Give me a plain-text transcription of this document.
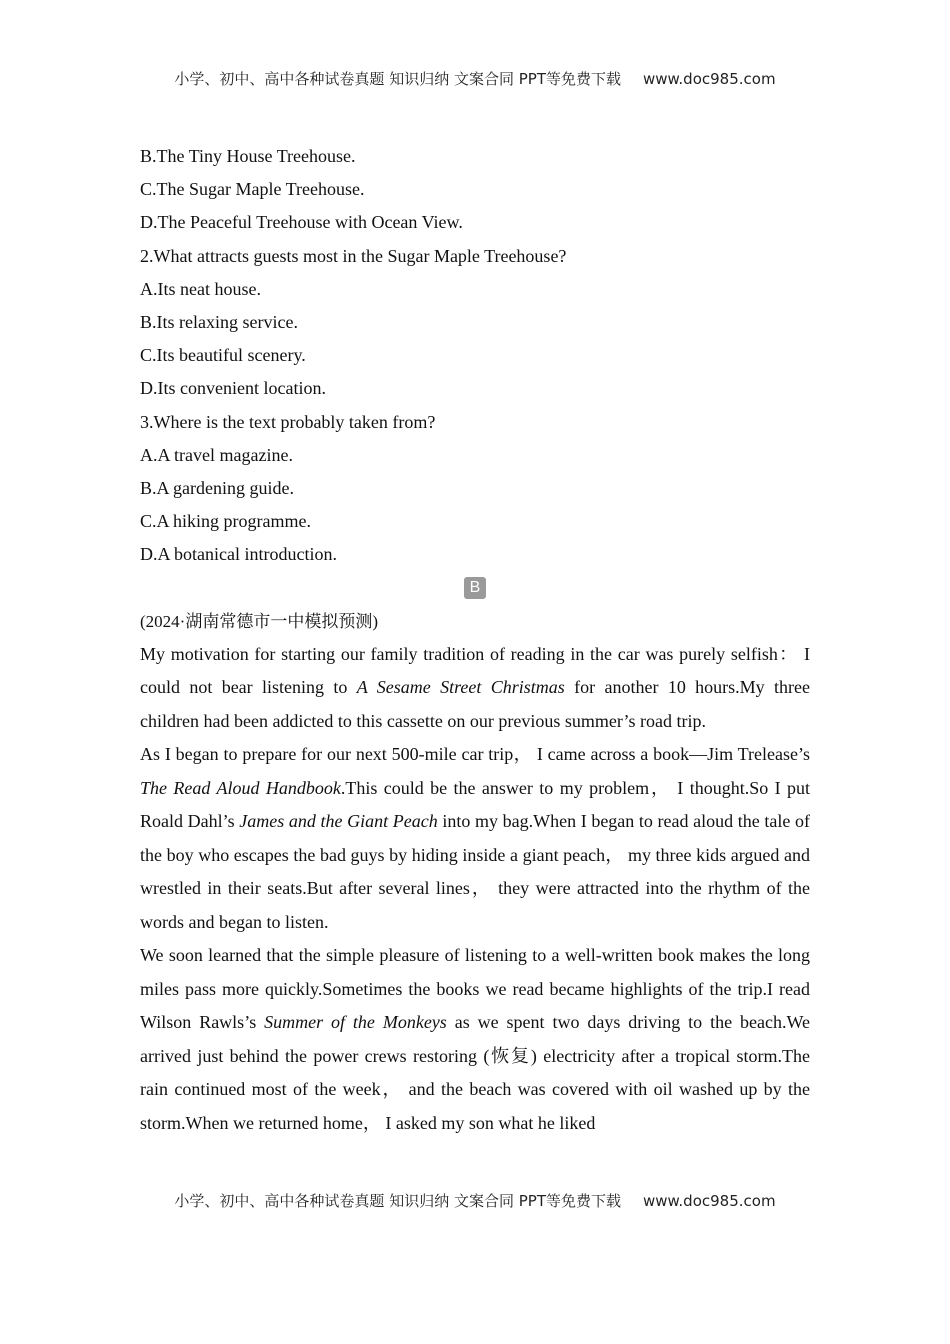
小学、初中、高中各种试卷真题 知识归纳 文案合同 PPT等免费下载 www.doc985.com
B.The Tiny House Treehouse.
C.The Sugar Maple Treehouse.
D.The Peaceful Treehouse with Ocean View.
2.What attracts guests most in the Sugar Maple Treehouse?
A.Its neat house.
B.Its relaxing service.
C.Its beautiful scenery.
D.Its convenient location.
3.Where is the text probably taken from?
A.A travel magazine.
B.A gardening guide.
C.A hiking programme.
D.A botanical introduction.
B
(2024·湖南常德市一中模拟预测)

My motivation for starting our family tradition of reading in the car was purely selfish： I could not bear listening to A Sesame Street Christmas for another 10 hours.My three children had been addicted to this cassette on our previous summer’s road trip.

As I began to prepare for our next 500-mile car trip， I came across a book—Jim Trelease’s The Read Aloud Handbook.This could be the answer to my problem， I thought.So I put Roald Dahl’s James and the Giant Peach into my bag.When I began to read aloud the tale of the boy who escapes the bad guys by hiding inside a giant peach， my three kids argued and wrestled in their seats.But after several lines， they were attracted into the rhythm of the words and began to listen.

We soon learned that the simple pleasure of listening to a well-written book makes the long miles pass more quickly.Sometimes the books we read became highlights of the trip.I read Wilson Rawls’s Summer of the Monkeys as we spent two days driving to the beach.We arrived just behind the power crews restoring (恢复) electricity after a tropical storm.The rain continued most of the week， and the beach was covered with oil washed up by the storm.When we returned home， I asked my son what he liked

小学、初中、高中各种试卷真题 知识归纳 文案合同 PPT等免费下载 www.doc985.com
